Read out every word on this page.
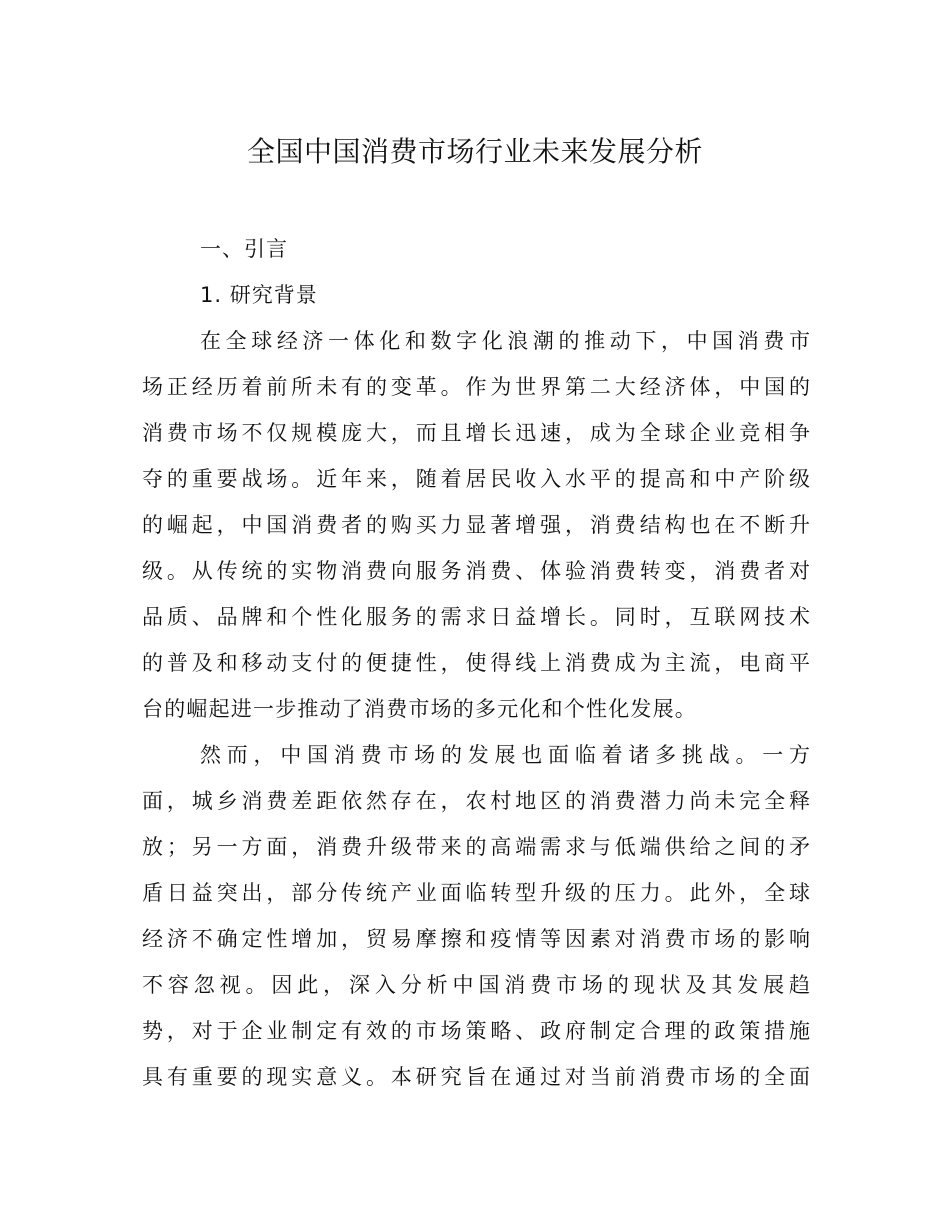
全国中国消费市场行业未来发展分析
一、引言
1. 研究背景
在全球经济一体化和数字化浪潮的推动下，中国消费市
场正经历着前所未有的变革。作为世界第二大经济体，中国的
消费市场不仅规模庞大，而且增长迅速，成为全球企业竞相争
夺的重要战场。近年来，随着居民收入水平的提高和中产阶级
的崛起，中国消费者的购买力显著增强，消费结构也在不断升
级。从传统的实物消费向服务消费、体验消费转变，消费者对
品质、品牌和个性化服务的需求日益增长。同时，互联网技术
的普及和移动支付的便捷性，使得线上消费成为主流，电商平
台的崛起进一步推动了消费市场的多元化和个性化发展。
然而，中国消费市场的发展也面临着诸多挑战。一方
面，城乡消费差距依然存在，农村地区的消费潜力尚未完全释
放；另一方面，消费升级带来的高端需求与低端供给之间的矛
盾日益突出，部分传统产业面临转型升级的压力。此外，全球
经济不确定性增加，贸易摩擦和疫情等因素对消费市场的影响
不容忽视。因此，深入分析中国消费市场的现状及其发展趋
势，对于企业制定有效的市场策略、政府制定合理的政策措施
具有重要的现实意义。本研究旨在通过对当前消费市场的全面
